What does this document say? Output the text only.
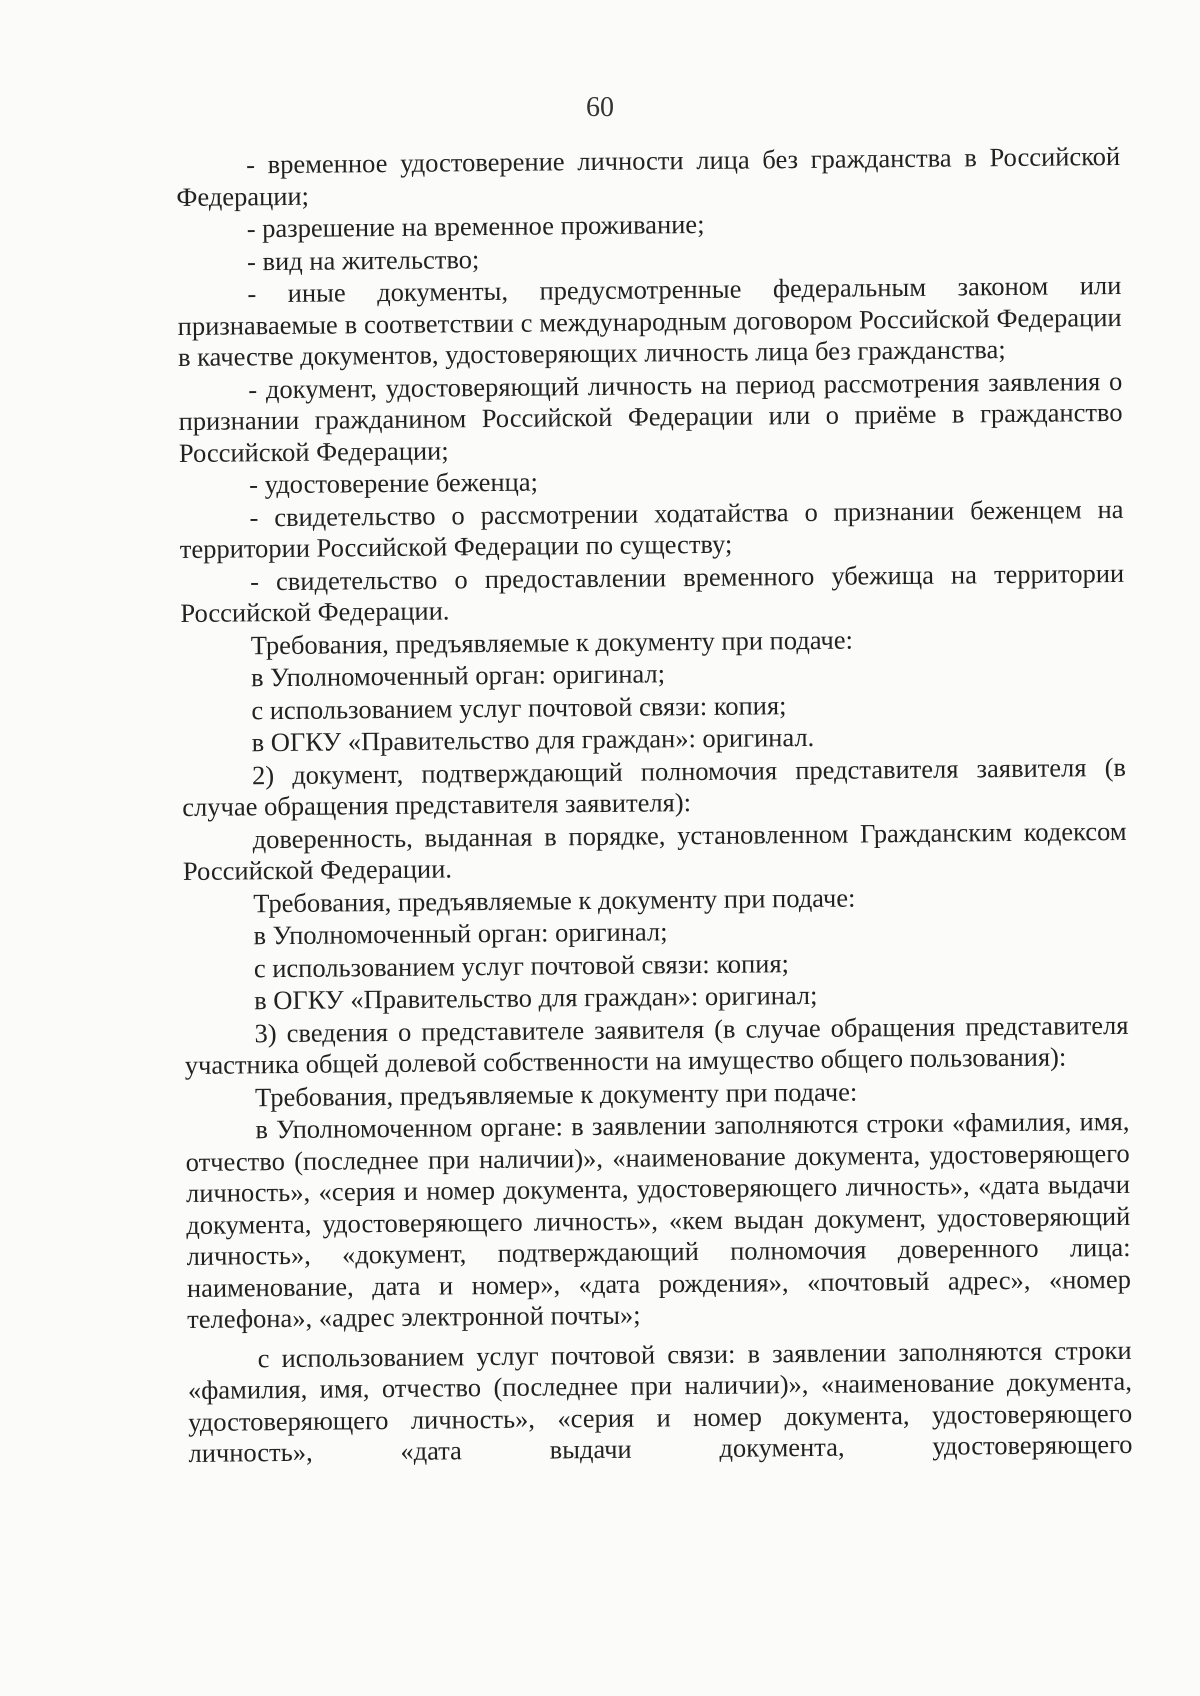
60

- временное удостоверение личности лица без гражданства в Российской Федерации;

- разрешение на временное проживание;

- вид на жительство;

- иные документы, предусмотренные федеральным законом или признаваемые в соответствии с международным договором Российской Федерации в качестве документов, удостоверяющих личность лица без гражданства;

- документ, удостоверяющий личность на период рассмотрения заявления о признании гражданином Российской Федерации или о приёме в гражданство Российской Федерации;

- удостоверение беженца;

- свидетельство о рассмотрении ходатайства о признании беженцем на территории Российской Федерации по существу;

- свидетельство о предоставлении временного убежища на территории Российской Федерации.

Требования, предъявляемые к документу при подаче:

в Уполномоченный орган: оригинал;

с использованием услуг почтовой связи: копия;

в ОГКУ «Правительство для граждан»: оригинал.

2) документ, подтверждающий полномочия представителя заявителя (в случае обращения представителя заявителя):

доверенность, выданная в порядке, установленном Гражданским кодексом Российской Федерации.

Требования, предъявляемые к документу при подаче:

в Уполномоченный орган: оригинал;

с использованием услуг почтовой связи: копия;

в ОГКУ «Правительство для граждан»: оригинал;

3) сведения о представителе заявителя (в случае обращения представителя участника общей долевой собственности на имущество общего пользования):

Требования, предъявляемые к документу при подаче:

в Уполномоченном органе: в заявлении заполняются строки «фамилия, имя, отчество (последнее при наличии)», «наименование документа, удостоверяющего личность», «серия и номер документа, удостоверяющего личность», «дата выдачи документа, удостоверяющего личность», «кем выдан документ, удостоверяющий личность», «документ, подтверждающий полномочия доверенного лица: наименование, дата и номер», «дата рождения», «почтовый адрес», «номер телефона», «адрес электронной почты»;

с использованием услуг почтовой связи: в заявлении заполняются строки «фамилия, имя, отчество (последнее при наличии)», «наименование документа, удостоверяющего личность», «серия и номер документа, удостоверяющего личность», «дата выдачи документа, удостоверяющего
